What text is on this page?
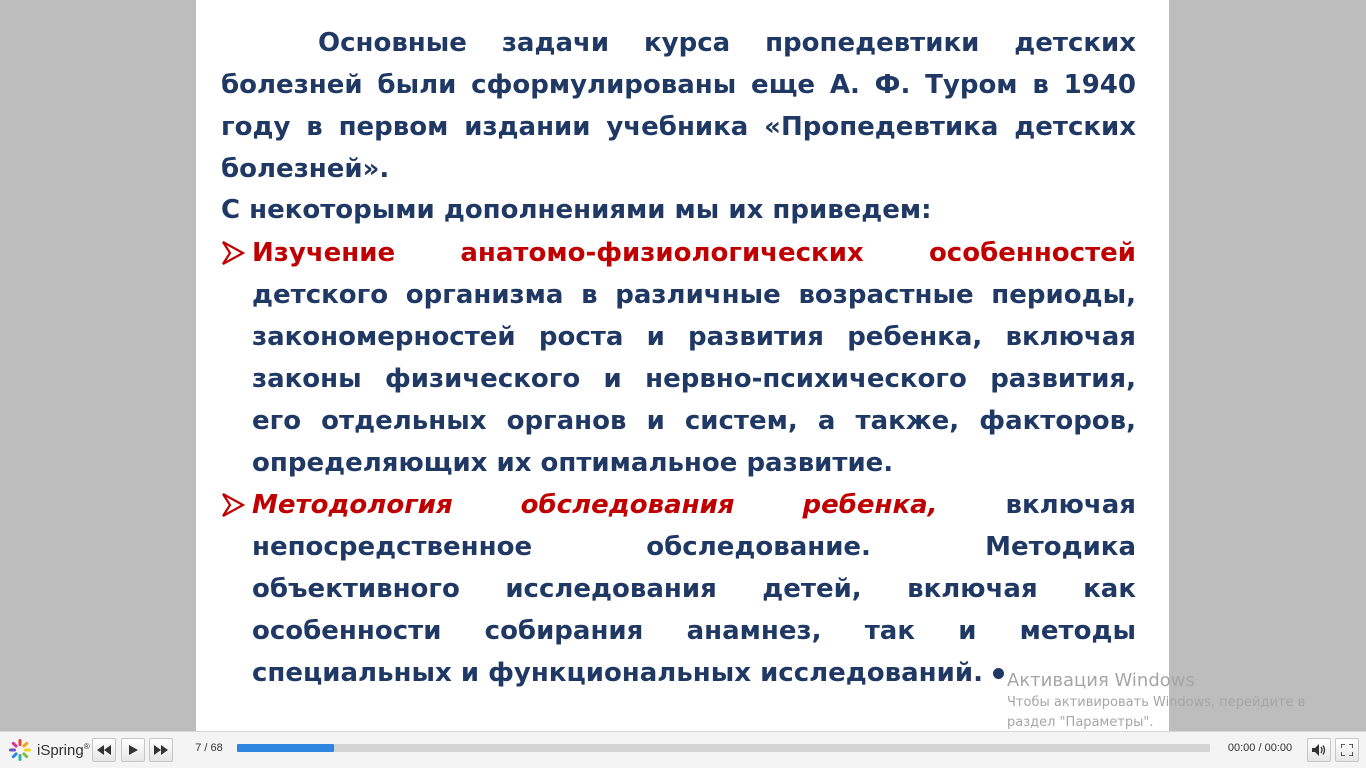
Основные задачи курса пропедевтики детских болезней были сформулированы еще А. Ф. Туром в 1940 году в первом издании учебника «Пропедевтика детских болезней».
С некоторыми дополнениями мы их приведем:
Изучение анатомо-физиологических особенностей детского организма в различные возрастные периоды, закономерностей роста и развития ребенка, включая законы физического и нервно-психического развития, его отдельных органов и систем, а также, факторов, определяющих их оптимальное развитие.
Методология обследования ребенка, включая непосредственное обследование. Методика объективного исследования детей, включая как особенности собирания анамнез, так и методы специальных и функциональных исследований.	Активация Windows
Чтобы активировать Windows, перейдите в
раздел "Параметры".
iSpring®	7 / 68	00:00 / 00:00
